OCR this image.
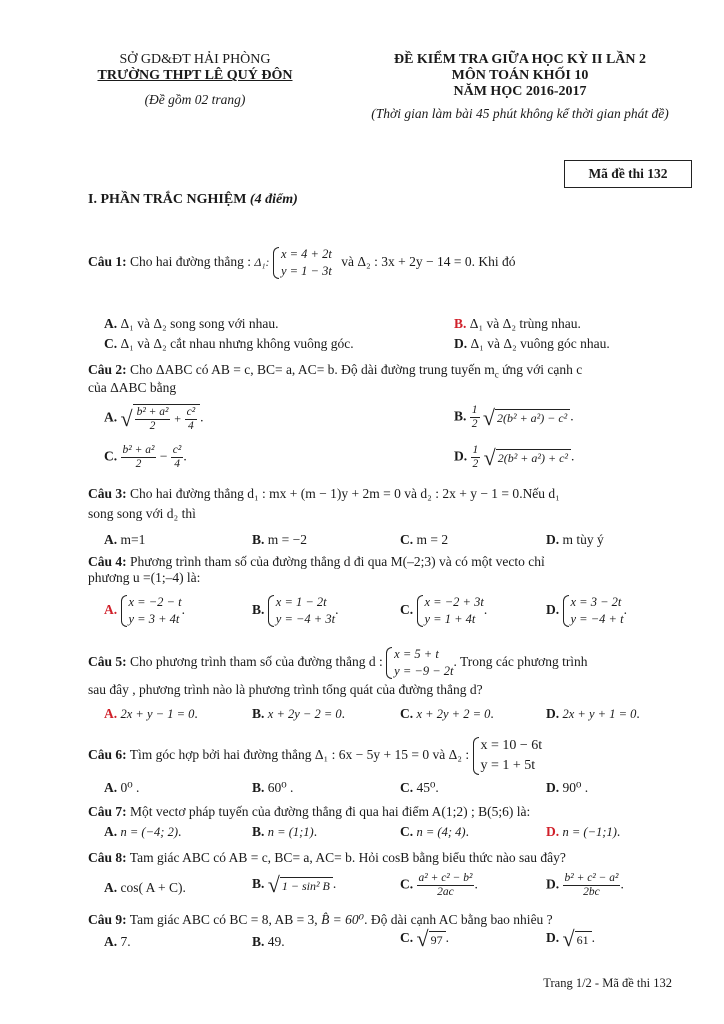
SỞ GD&ĐT HẢI PHÒNG
TRƯỜNG THPT LÊ QUÝ ĐÔN
(Đề gồm 02 trang)
ĐỀ KIỂM TRA GIỮA HỌC KỲ II LẦN 2
MÔN TOÁN KHỐI 10
NĂM HỌC 2016-2017
(Thời gian làm bài 45 phút không kể thời gian phát đề)
Mã đề thi 132
I. PHẦN TRẮC NGHIỆM (4 điểm)
Câu 1: Cho hai đường thẳng : Δ₁:
x = 4 + 2t
y = 1 − 3t
và Δ₂ : 3x + 2y − 14 = 0. Khi đó
A. Δ₁ và Δ₂ song song với nhau.	B. Δ₁ và Δ₂ trùng nhau.
C. Δ₁ và Δ₂ cắt nhau nhưng không vuông góc.	D. Δ₁ và Δ₂ vuông góc nhau.
Câu 2: Cho ΔABC có AB = c, BC= a, AC= b. Độ dài đường trung tuyến $m_c$ ứng với cạnh c
của ΔABC bằng
A. √ $\frac{\text{b² + a²}}{2} + \frac{\text{c²}}{4}$ .	B. $\frac{1}{2}$
√ 2(b² + a²) − c² .
C. $\frac{\text{b² + a²}}{2} - \frac{\text{c²}}{4}$ .	D. $\frac{1}{2}$
√ 2(b² + a²) + c² .
Câu 3: Cho hai đường thẳng d₁ : mx + (m − 1)y + 2m = 0 và d₂ : 2x + y − 1 = 0.Nếu d₁
song song với d₂ thì
A. m=1	B. m = −2	C. m = 2	D. m tùy ý
Câu 4: Phương trình tham số của đường thẳng d đi qua M(–2;3) và có một vecto chỉ
phương u =(1;–4) là:
A.
x = −2 − t
y = 3 + 4t
.	B.
x = 1 − 2t
y = −4 + 3t
.	C.
x = −2 + 3t
y = 1 + 4t
.	D.
x = 3 − 2t
y = −4 + t
.
Câu 5: Cho phương trình tham số của đường thẳng d :
x = 5 + t
y = −9 − 2t
. Trong các phương trình
sau đây , phương trình nào là phương trình tổng quát của đường thẳng d?
A. 2x + y − 1 = 0.	B. x + 2y − 2 = 0.	C. x + 2y + 2 = 0.	D. 2x + y + 1 = 0.
Câu 6: Tìm góc hợp bởi hai đường thẳng Δ₁ : 6x − 5y + 15 = 0 và Δ₂ :
x = 10 − 6t
y = 1 + 5t
A. 0⁰ .	B. 60⁰ .	C. 45⁰.	D. 90⁰ .
Câu 7: Một vectơ pháp tuyến của đường thẳng đi qua hai điểm A(1;2) ; B(5;6) là:
A. n = (−4; 2).	B. n = (1;1).	C. n = (4; 4).	D. n = (−1;1).
Câu 8: Tam giác ABC có AB = c, BC= a, AC= b. Hỏi cosB bằng biểu thức nào sau đây?
A. cos( A + C).	B. √ 1 − sin² B .	C. $\frac{\text{a² + c² − b²}}{2ac}$ .	D. $\frac{\text{b² + c² − a²}}{2bc}$ .
Câu 9: Tam giác ABC có BC = 8, AB = 3, B̂ = 60⁰. Độ dài cạnh AC bằng bao nhiêu ?
A. 7.	B. 49.	C. √ 97 .	D. √ 61 .
Trang 1/2 - Mã đề thi 132
